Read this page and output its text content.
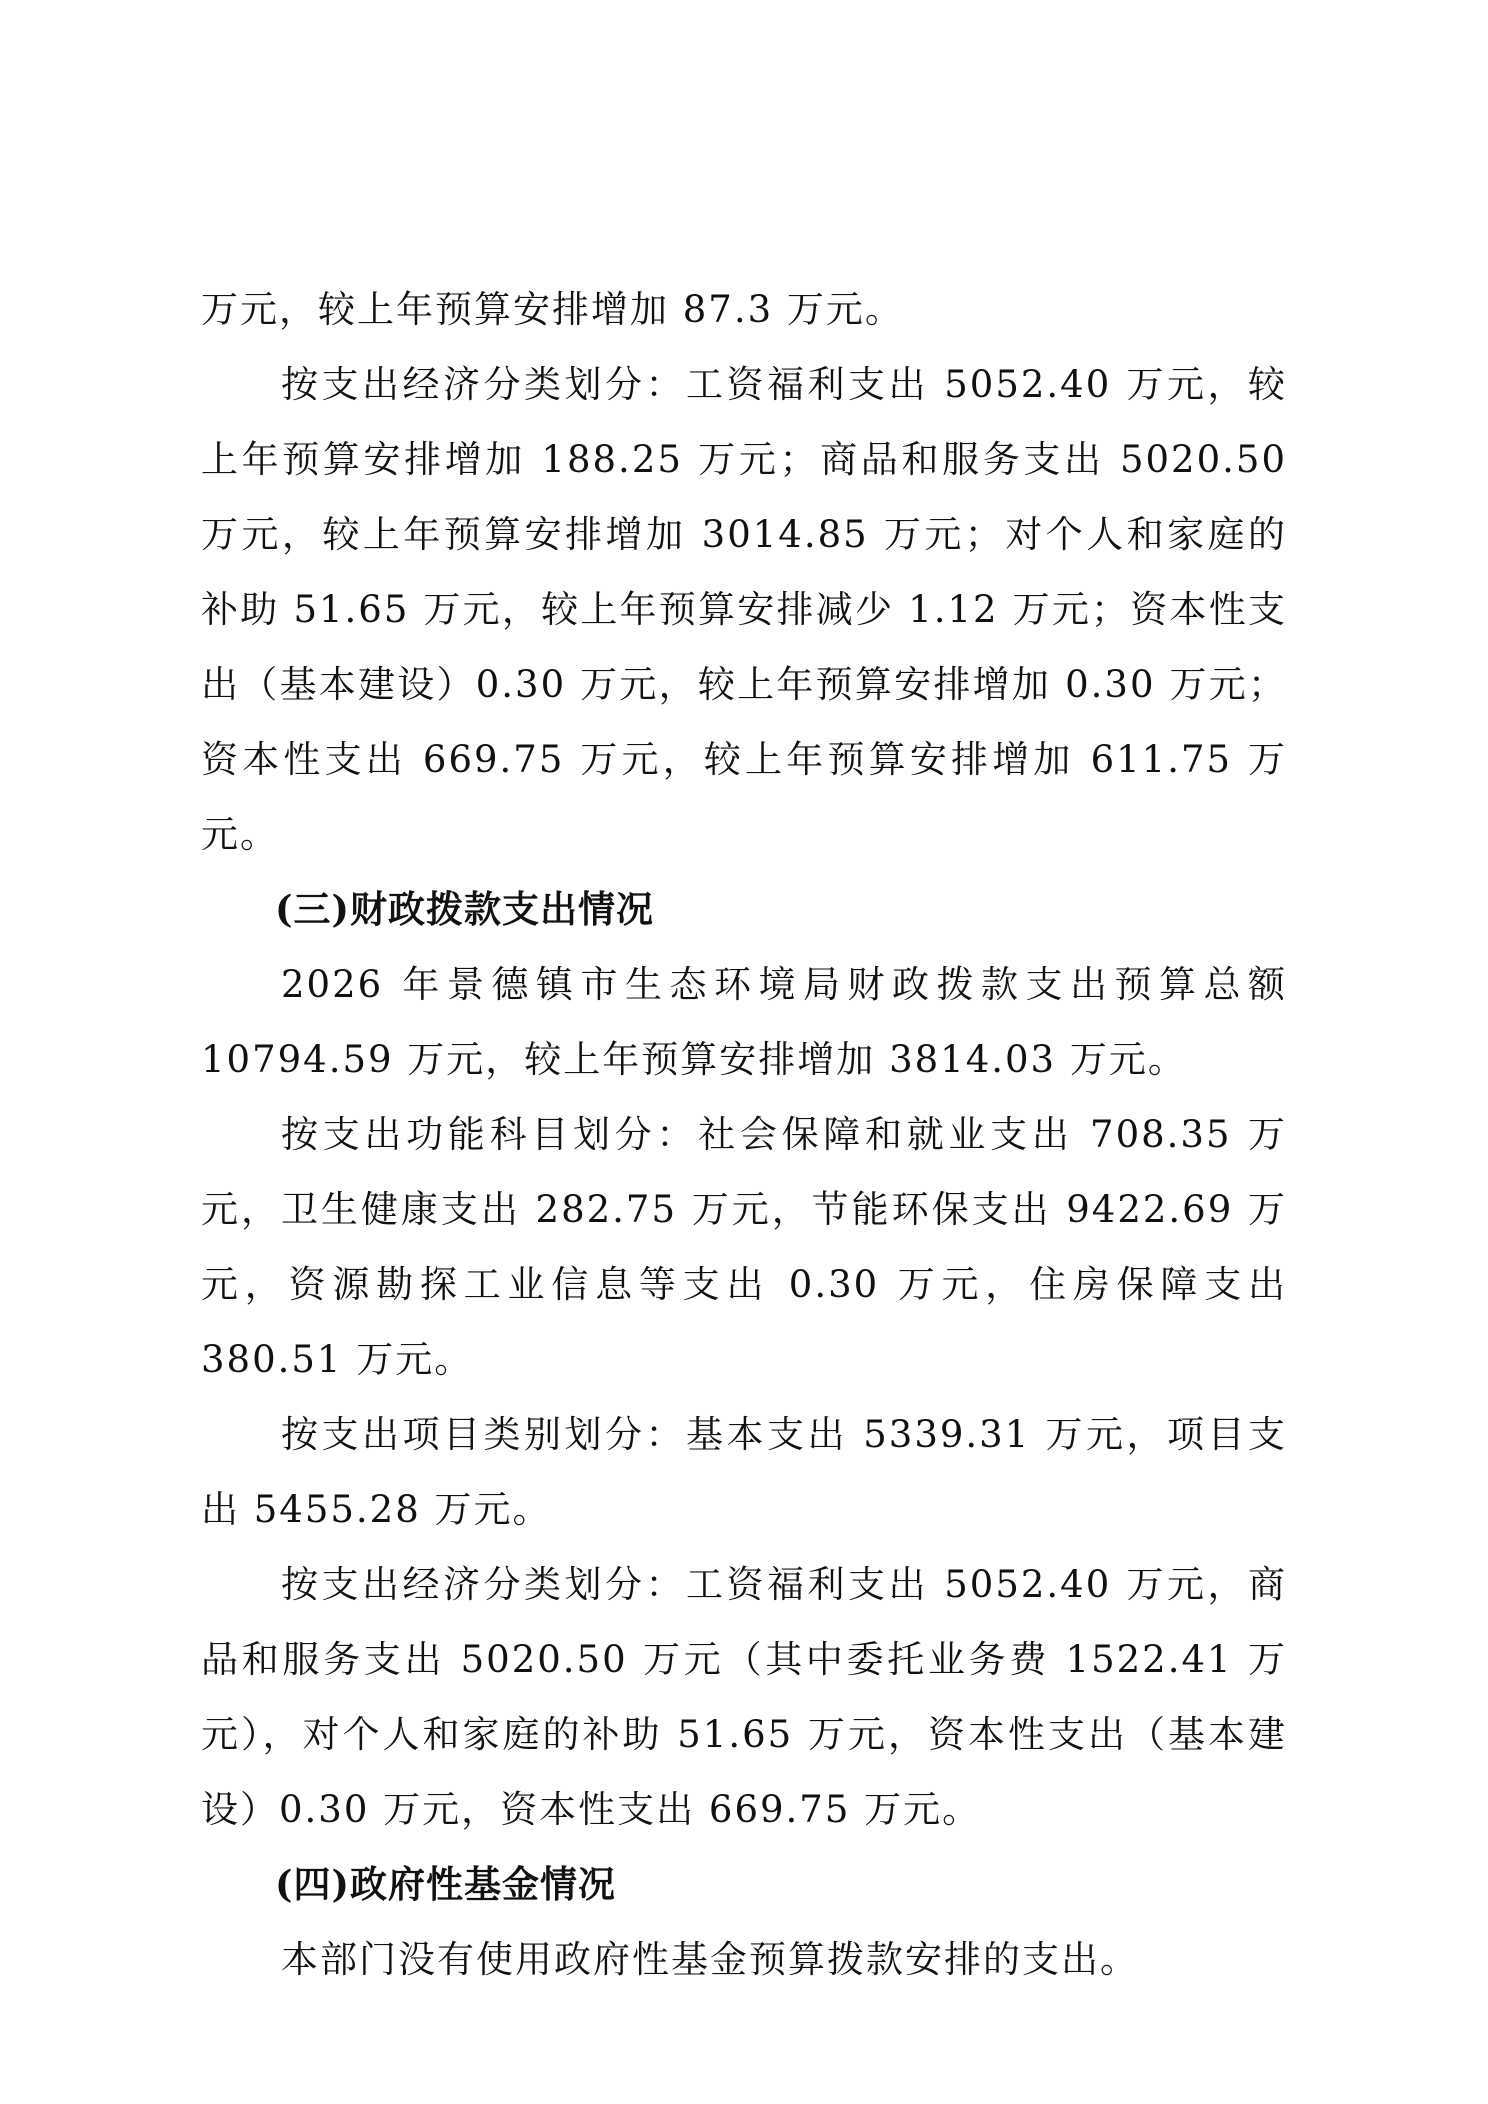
万元，较上年预算安排增加 87.3 万元。

按支出经济分类划分：工资福利支出 5052.40 万元，较上年预算安排增加 188.25 万元；商品和服务支出 5020.50 万元，较上年预算安排增加 3014.85 万元；对个人和家庭的补助 51.65 万元，较上年预算安排减少 1.12 万元；资本性支出（基本建设）0.30 万元，较上年预算安排增加 0.30 万元；资本性支出 669.75 万元，较上年预算安排增加 611.75 万元。

(三)财政拨款支出情况

2026 年景德镇市生态环境局财政拨款支出预算总额 10794.59 万元，较上年预算安排增加 3814.03 万元。

按支出功能科目划分：社会保障和就业支出 708.35 万元，卫生健康支出 282.75 万元，节能环保支出 9422.69 万元，资源勘探工业信息等支出 0.30 万元，住房保障支出 380.51 万元。

按支出项目类别划分：基本支出 5339.31 万元，项目支出 5455.28 万元。

按支出经济分类划分：工资福利支出 5052.40 万元，商品和服务支出 5020.50 万元（其中委托业务费 1522.41 万元），对个人和家庭的补助 51.65 万元，资本性支出（基本建设）0.30 万元，资本性支出 669.75 万元。

(四)政府性基金情况

本部门没有使用政府性基金预算拨款安排的支出。
